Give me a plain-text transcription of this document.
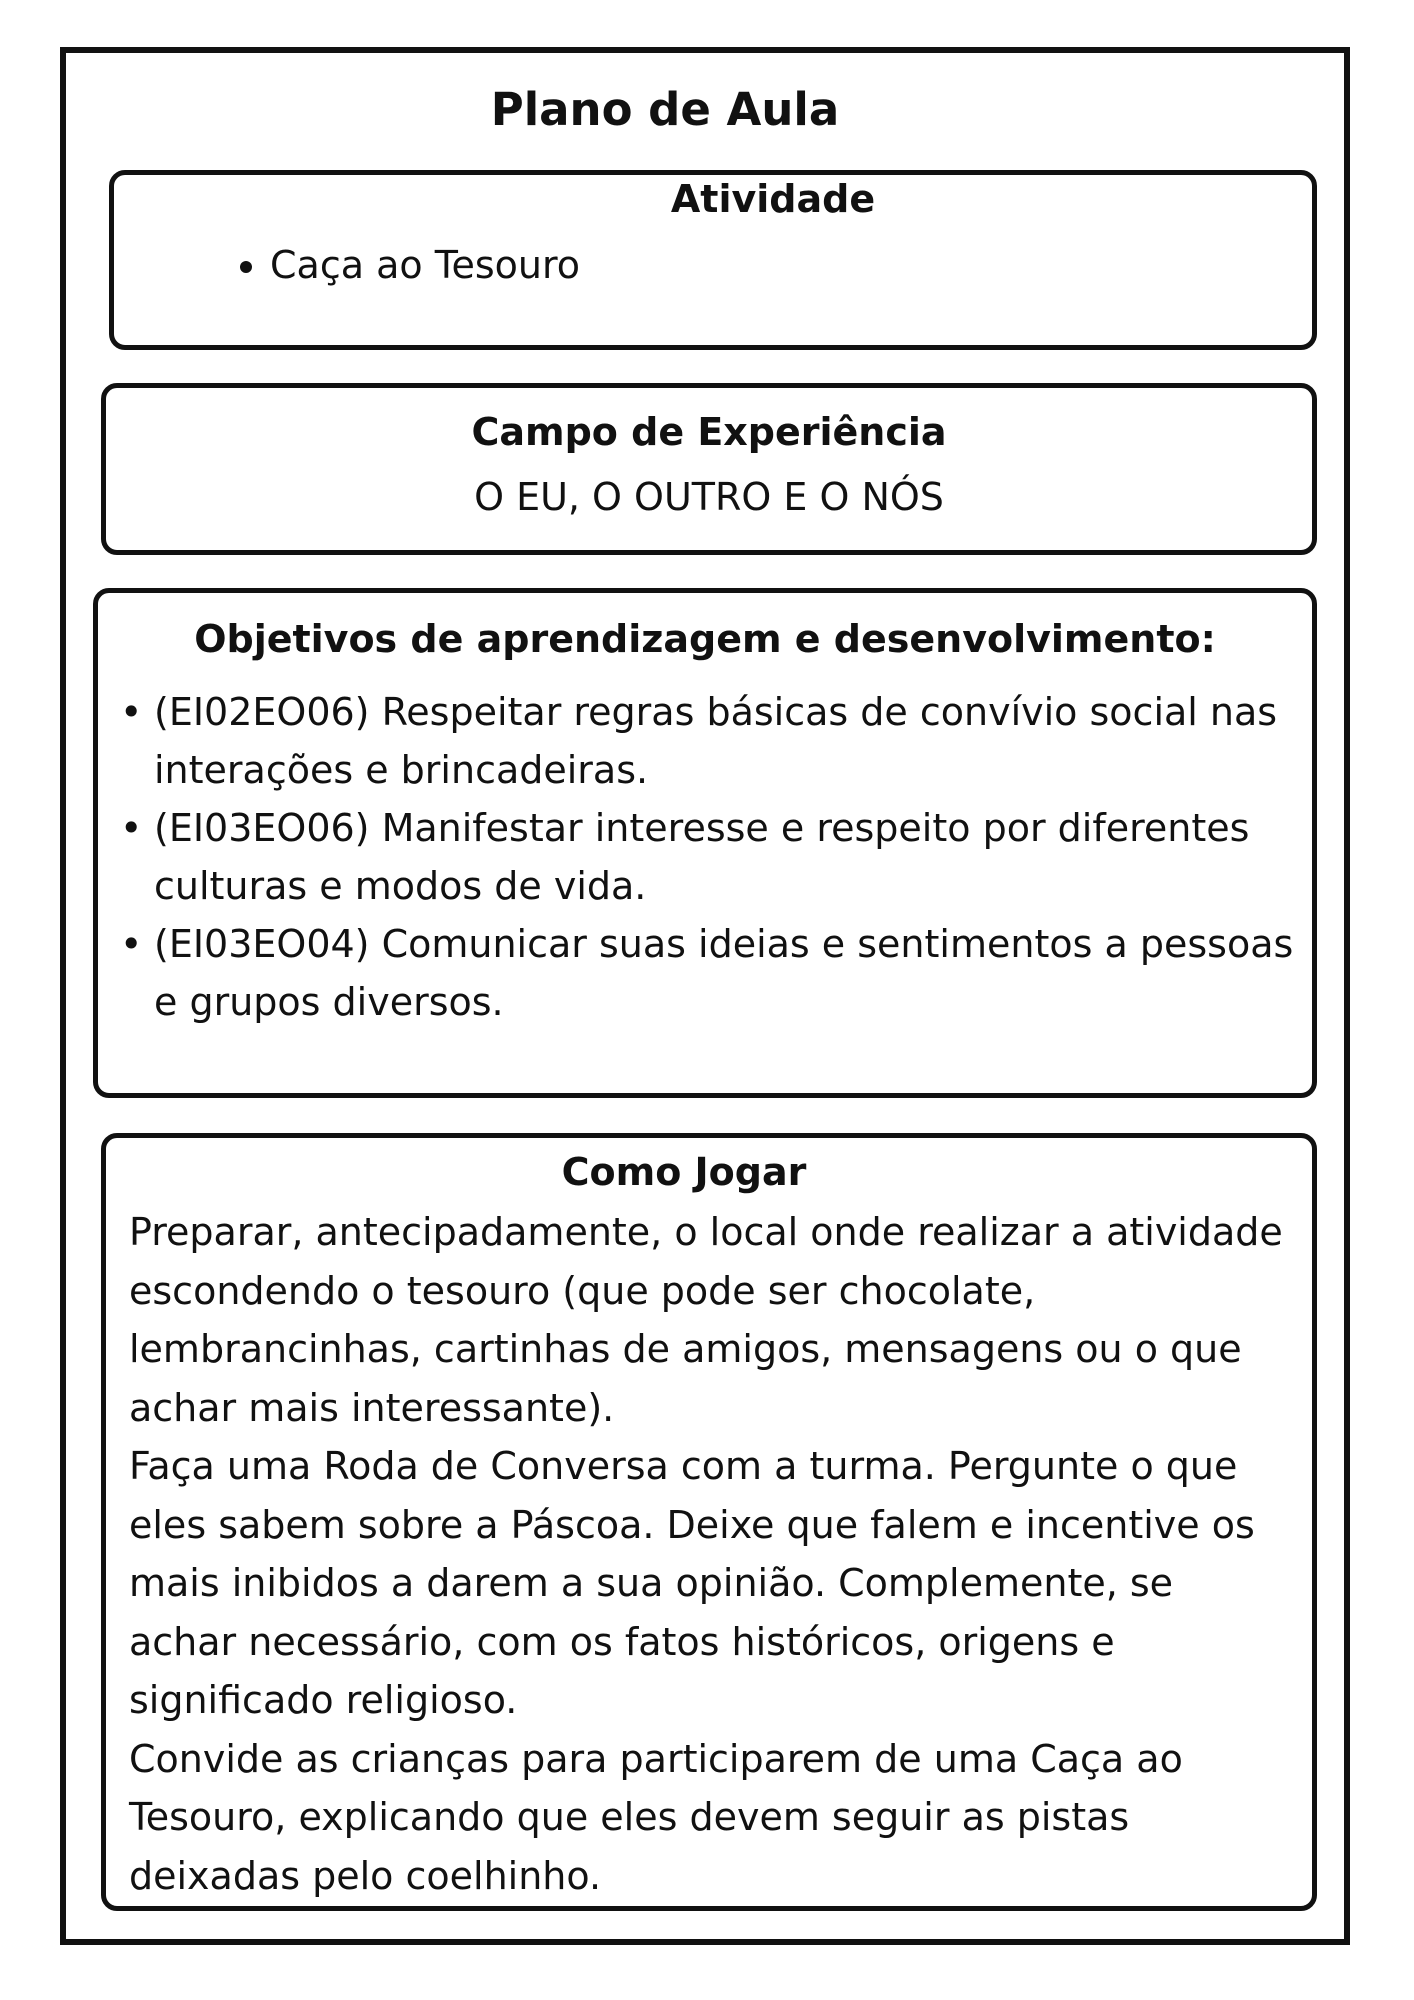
Plano de Aula
Atividade
• Caça ao Tesouro
Campo de Experiência
O EU, O OUTRO E O NÓS
Objetivos de aprendizagem e desenvolvimento:
• (EI02EO06) Respeitar regras básicas de convívio social nas interações e brincadeiras.
• (EI03EO06) Manifestar interesse e respeito por diferentes culturas e modos de vida.
• (EI03EO04) Comunicar suas ideias e sentimentos a pessoas e grupos diversos.
Como Jogar

Preparar, antecipadamente, o local onde realizar a atividade escondendo o tesouro (que pode ser chocolate, lembrancinhas, cartinhas de amigos, mensagens ou o que achar mais interessante).

Faça uma Roda de Conversa com a turma. Pergunte o que eles sabem sobre a Páscoa. Deixe que falem e incentive os mais inibidos a darem a sua opinião. Complemente, se achar necessário, com os fatos históricos, origens e significado religioso.

Convide as crianças para participarem de uma Caça ao Tesouro, explicando que eles devem seguir as pistas deixadas pelo coelhinho.
